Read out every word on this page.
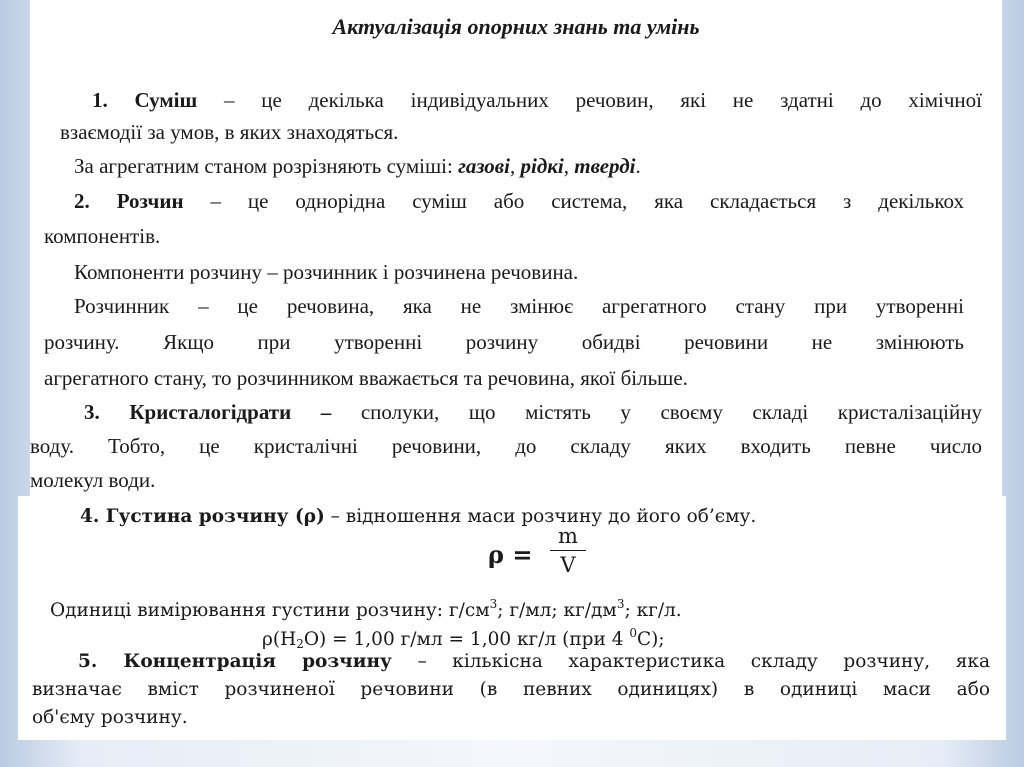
Актуалізація опорних знань та умінь
1. Суміш – це декілька індивідуальних речовин, які не здатні до хімічної
взаємодії за умов, в яких знаходяться.
За агрегатним станом розрізняють суміші: газові, рідкі, тверді.
2. Розчин – це однорідна суміш або система, яка складається з декількох
компонентів.
Компоненти розчину – розчинник і розчинена речовина.
Розчинник – це речовина, яка не змінює агрегатного стану при утворенні
розчину. Якщо при утворенні розчину обидві речовини не змінюють
агрегатного стану, то розчинником вважається та речовина, якої більше.
3. Кристалогідрати – сполуки, що містять у своєму складі кристалізаційну
воду. Тобто, це кристалічні речовини, до складу яких входить певне число
молекул води.
4. Густина розчину (ρ) – відношення маси розчину до його об’єму.
ρ =
m
V
Одиниці вимірювання густини розчину: $г/см^3$; г/мл; $кг/дм^3$; кг/л.
$\rho(H_2O) = 1,00$ г/мл = 1,00 кг/л (при 4 $^0$C);
5. Концентрація розчину – кількісна характеристика складу розчину, яка
визначає вміст розчиненої речовини (в певних одиницях) в одиниці маси або
об'єму розчину.
